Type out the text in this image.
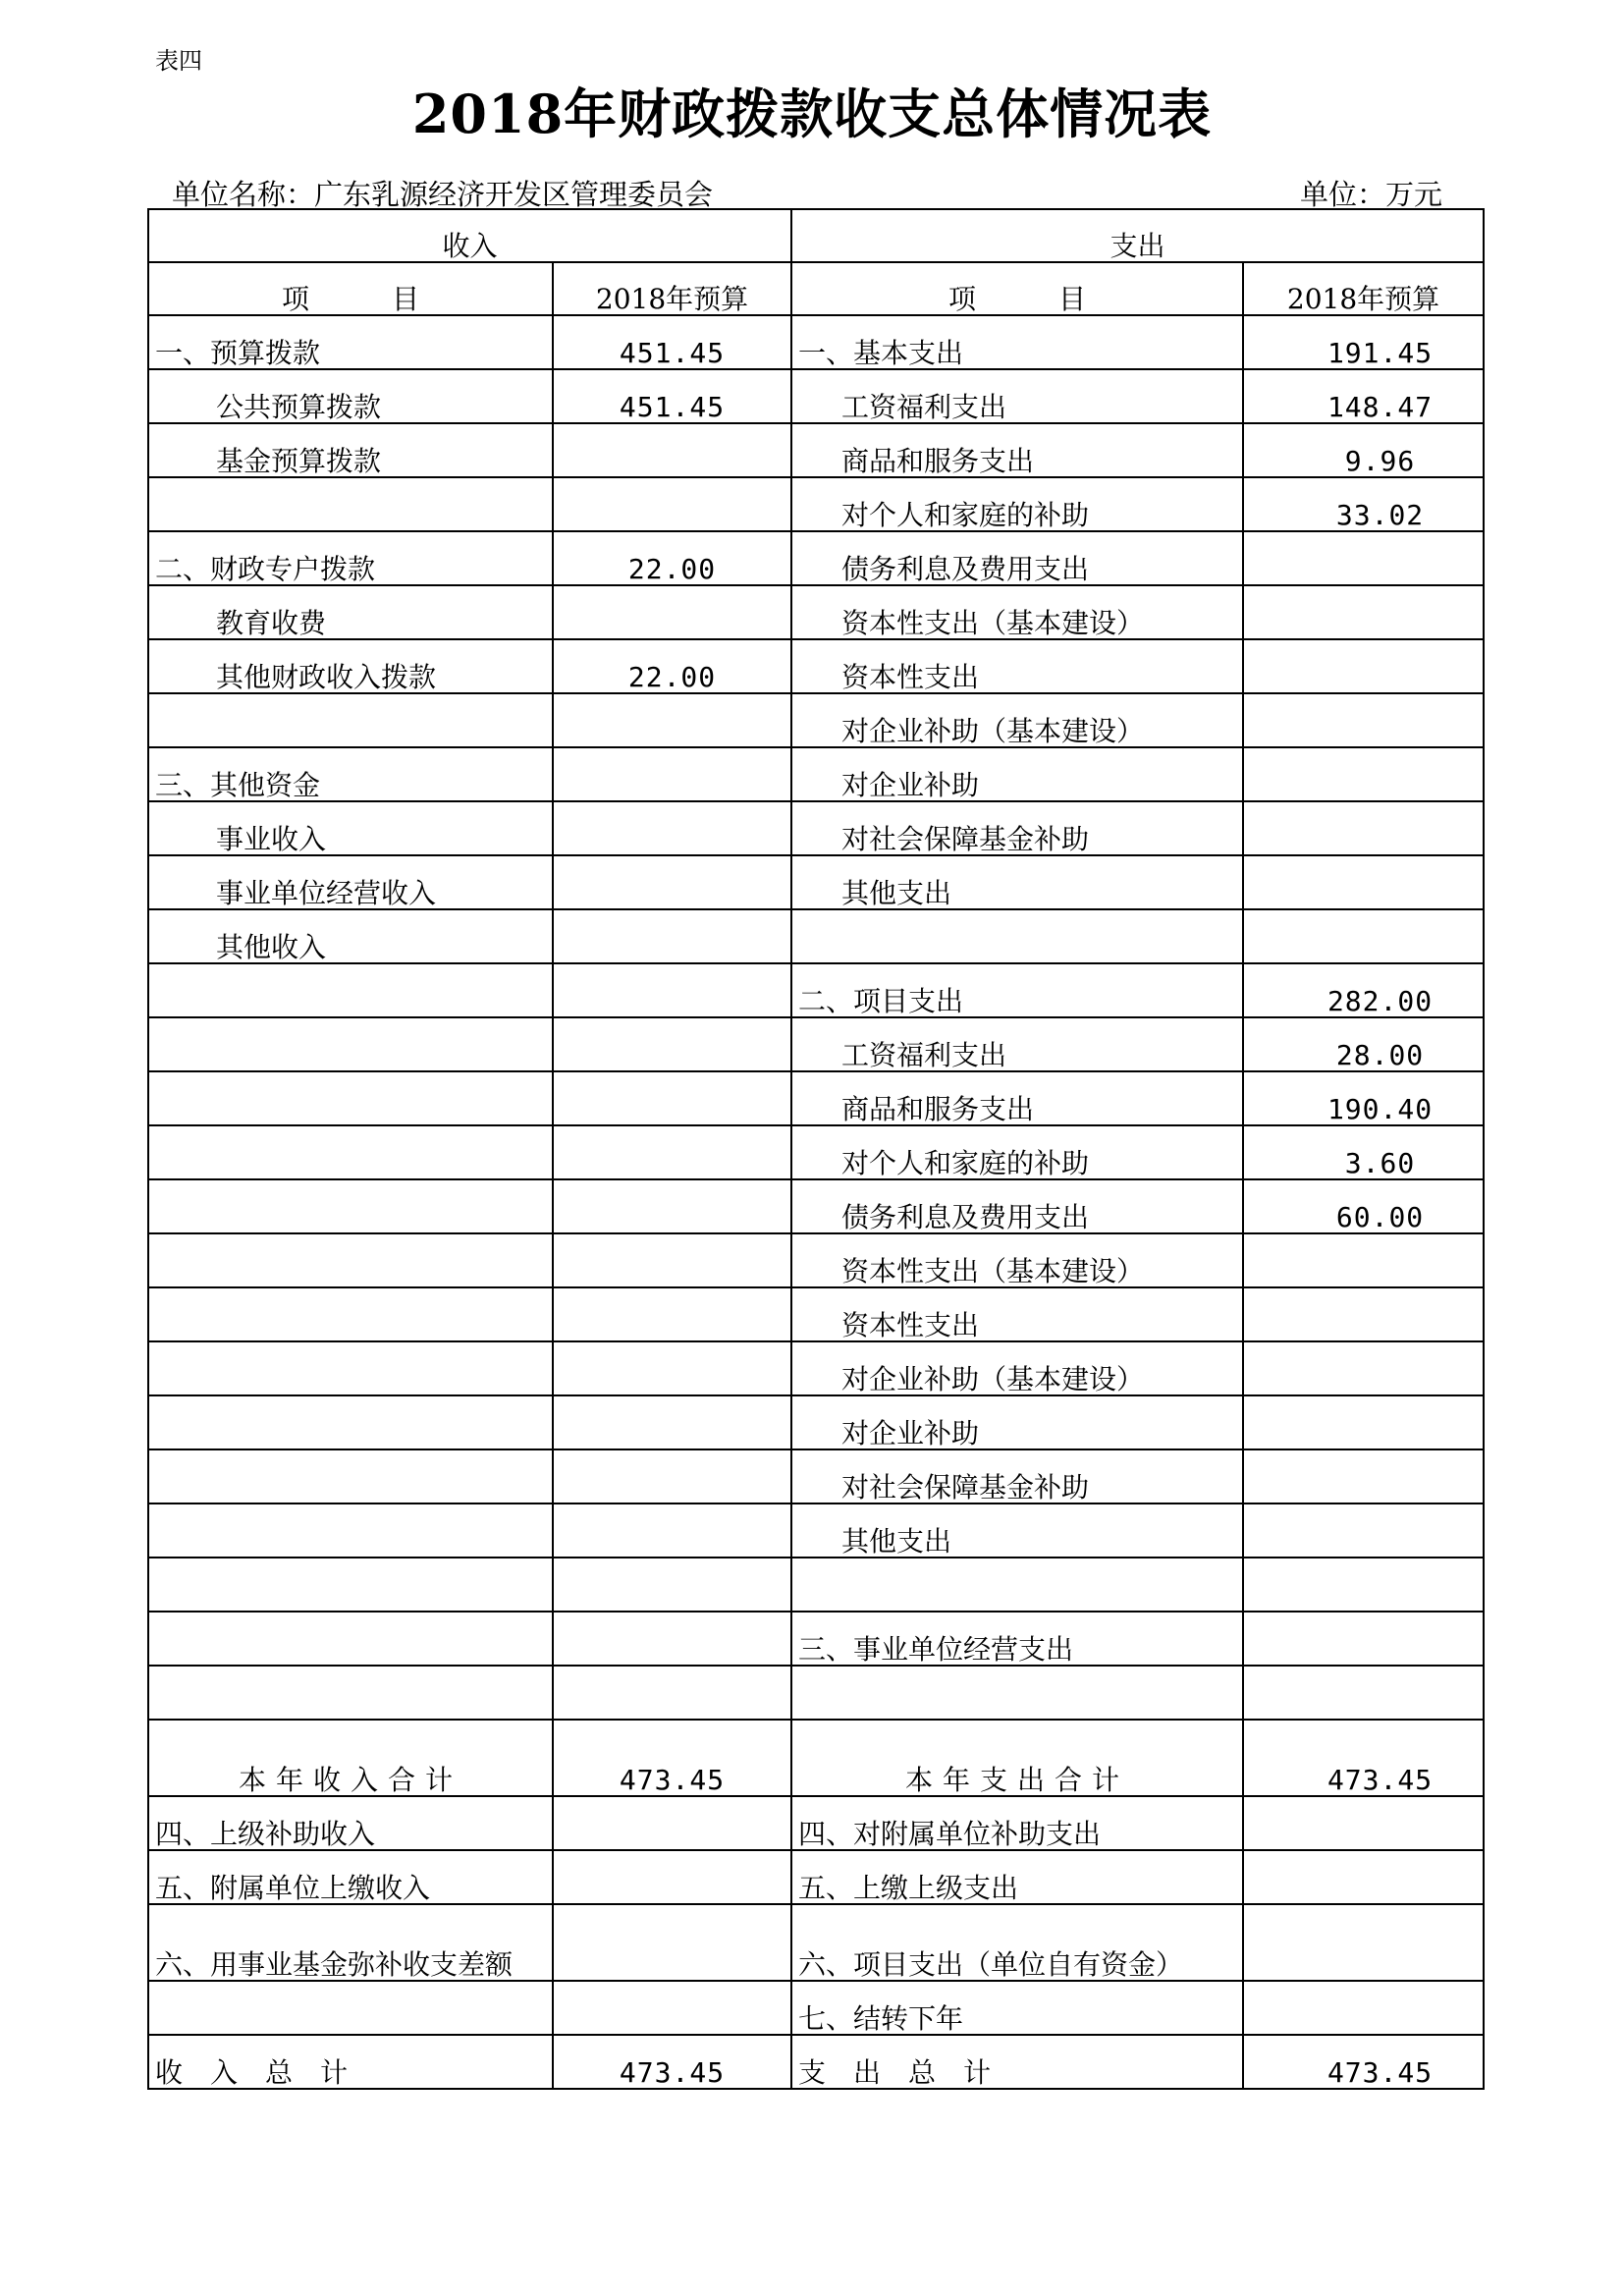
表四
2018年财政拨款收支总体情况表
单位名称：广东乳源经济开发区管理委员会	单位：万元
收入		支出	
项　　　目	2018年预算	项　　　目	2018年预算
一、预算拨款	451.45	一、基本支出	191.45
公共预算拨款	451.45	工资福利支出	148.47
基金预算拨款		商品和服务支出	9.96
		对个人和家庭的补助	33.02
二、财政专户拨款	22.00	债务利息及费用支出	
教育收费		资本性支出（基本建设）	
其他财政收入拨款	22.00	资本性支出	
		对企业补助（基本建设）	
三、其他资金		对企业补助	
事业收入		对社会保障基金补助	
事业单位经营收入		其他支出	
其他收入			
		二、项目支出	282.00
		工资福利支出	28.00
		商品和服务支出	190.40
		对个人和家庭的补助	3.60
		债务利息及费用支出	60.00
		资本性支出（基本建设）	
		资本性支出	
		对企业补助（基本建设）	
		对企业补助	
		对社会保障基金补助	
		其他支出	

		三、事业单位经营支出	

本年收入合计	473.45	本年支出合计	473.45
四、上级补助收入		四、对附属单位补助支出	
五、附属单位上缴收入		五、上缴上级支出	
六、用事业基金弥补收支差额		六、项目支出（单位自有资金）	
		七、结转下年	
收　入　总　计	473.45	支　出　总　计	473.45
